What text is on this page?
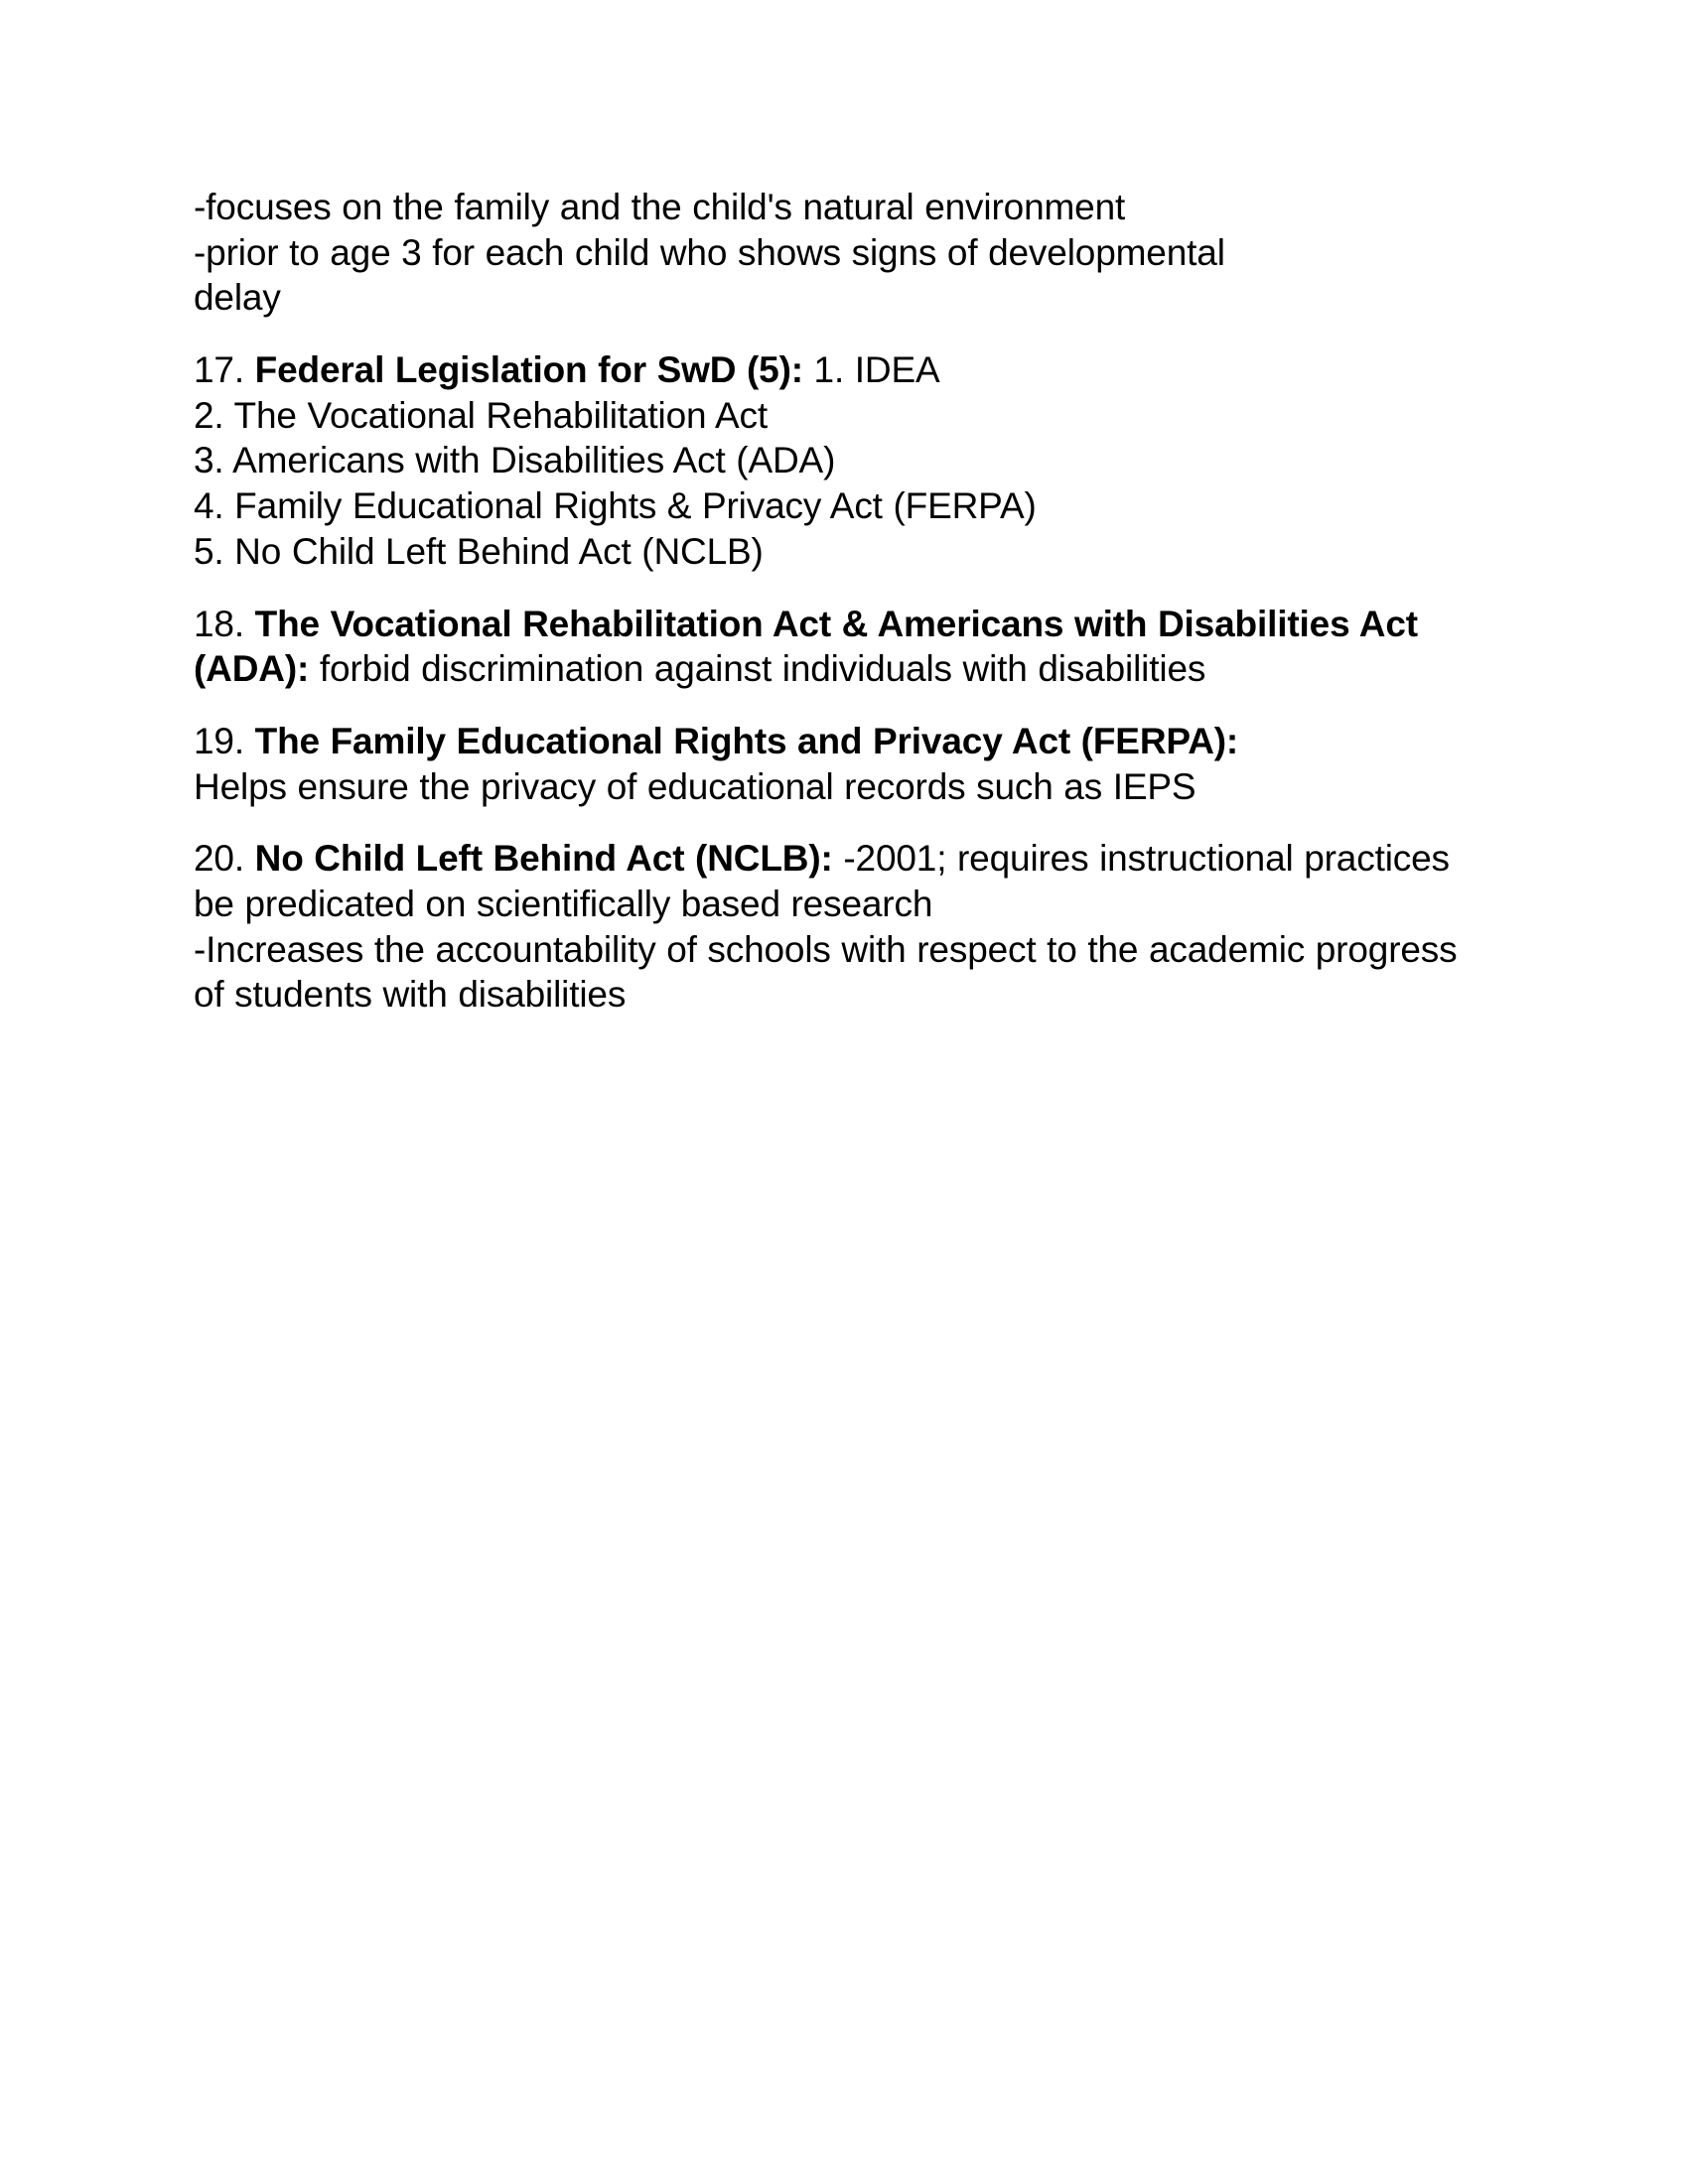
-focuses on the family and the child's natural environment
-prior to age 3 for each child who shows signs of developmental
delay

17. Federal Legislation for SwD (5): 1. IDEA

2. The Vocational Rehabilitation Act
3. Americans with Disabilities Act (ADA)
4. Family Educational Rights & Privacy Act (FERPA)
5. No Child Left Behind Act (NCLB)

18. The Vocational Rehabilitation Act & Americans with Disabilities Act

(ADA): forbid discrimination against individuals with disabilities

19. The Family Educational Rights and Privacy Act (FERPA):

Helps ensure the privacy of educational records such as IEPS

20. No Child Left Behind Act (NCLB): -2001; requires instructional practices be predicated on scientifically based research

-Increases the accountability of schools with respect to the academic progress of students with disabilities
